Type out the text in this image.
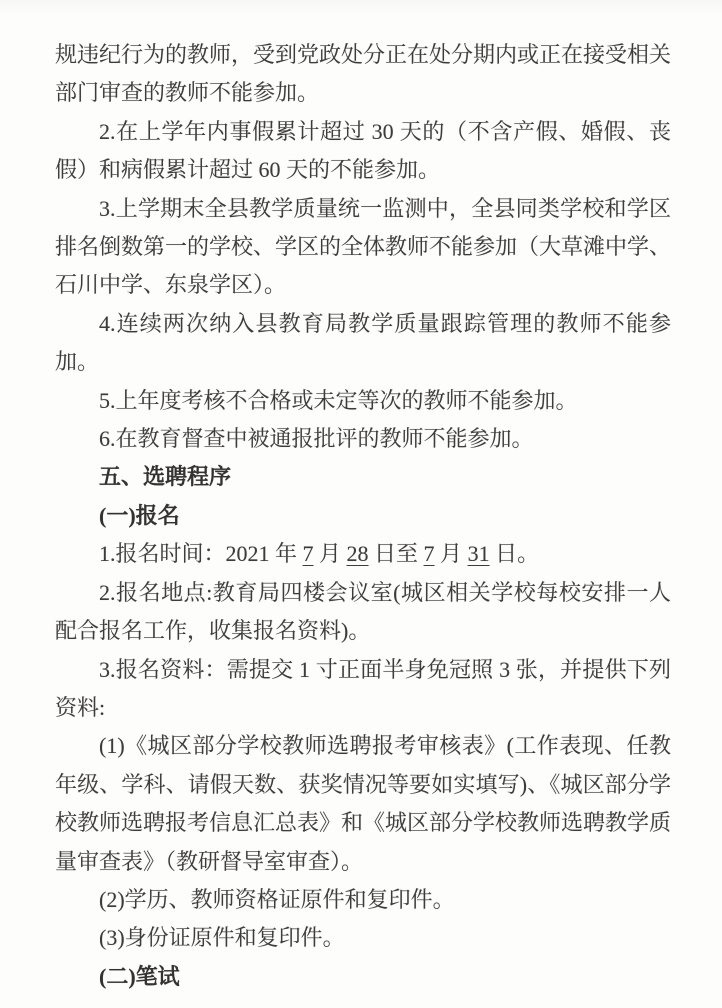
规违纪行为的教师，受到党政处分正在处分期内或正在接受相关部门审查的教师不能参加。

2.在上学年内事假累计超过 30 天的（不含产假、婚假、丧假）和病假累计超过 60 天的不能参加。

3.上学期末全县教学质量统一监测中，全县同类学校和学区排名倒数第一的学校、学区的全体教师不能参加（大草滩中学、石川中学、东泉学区）。

4.连续两次纳入县教育局教学质量跟踪管理的教师不能参加。

5.上年度考核不合格或未定等次的教师不能参加。

6.在教育督查中被通报批评的教师不能参加。

五、选聘程序

(一)报名

1.报名时间：2021 年 7 月 28 日至 7 月 31 日。

2.报名地点:教育局四楼会议室(城区相关学校每校安排一人配合报名工作，收集报名资料)。

3.报名资料：需提交 1 寸正面半身免冠照 3 张，并提供下列资料:

(1)《城区部分学校教师选聘报考审核表》(工作表现、任教年级、学科、请假天数、获奖情况等要如实填写)、《城区部分学校教师选聘报考信息汇总表》和《城区部分学校教师选聘教学质量审查表》（教研督导室审查）。

(2)学历、教师资格证原件和复印件。

(3)身份证原件和复印件。

(二)笔试
